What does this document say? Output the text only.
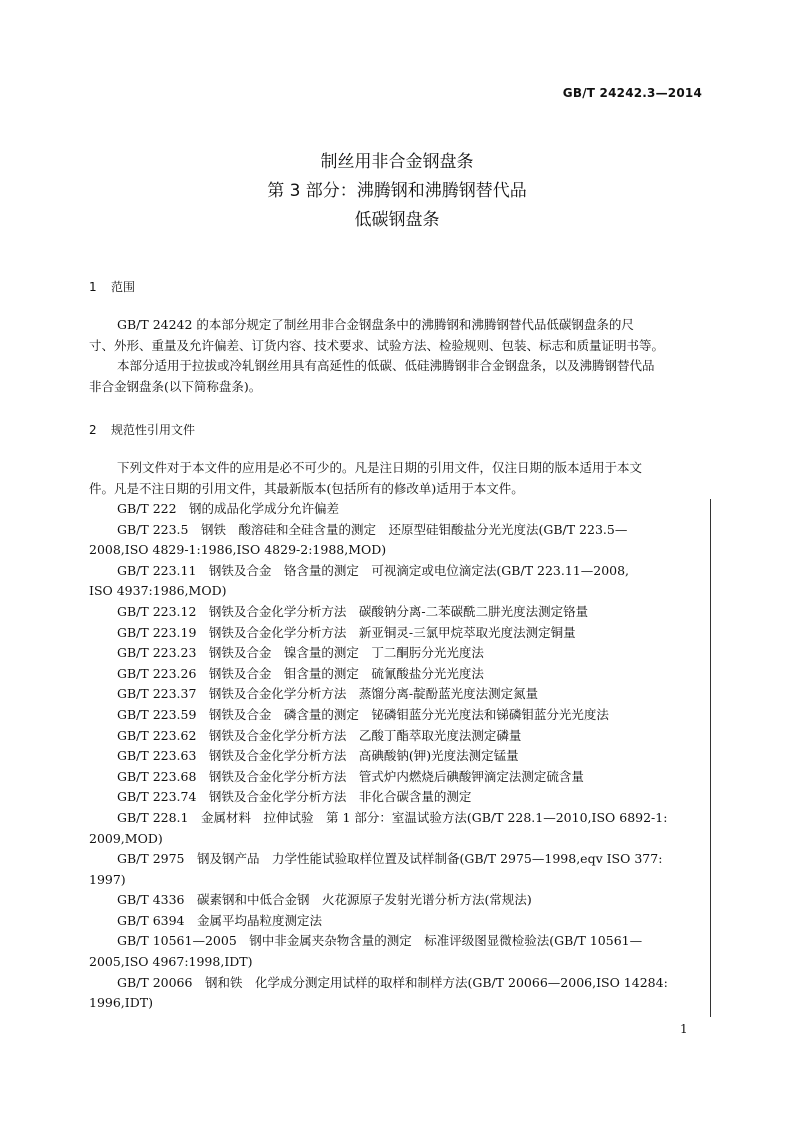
GB/T 24242.3—2014
制丝用非合金钢盘条
第 3 部分：沸腾钢和沸腾钢替代品
低碳钢盘条
1 范围
GB/T 24242 的本部分规定了制丝用非合金钢盘条中的沸腾钢和沸腾钢替代品低碳钢盘条的尺
寸、外形、重量及允许偏差、订货内容、技术要求、试验方法、检验规则、包装、标志和质量证明书等。
本部分适用于拉拔或冷轧钢丝用具有高延性的低碳、低硅沸腾钢非合金钢盘条，以及沸腾钢替代品
非合金钢盘条(以下简称盘条)。
2 规范性引用文件
下列文件对于本文件的应用是必不可少的。凡是注日期的引用文件，仅注日期的版本适用于本文
件。凡是不注日期的引用文件，其最新版本(包括所有的修改单)适用于本文件。
GB/T 222　钢的成品化学成分允许偏差
GB/T 223.5　钢铁　酸溶硅和全硅含量的测定　还原型硅钼酸盐分光光度法(GB/T 223.5—
2008,ISO 4829-1:1986,ISO 4829-2:1988,MOD)
GB/T 223.11　钢铁及合金　铬含量的测定　可视滴定或电位滴定法(GB/T 223.11—2008,
ISO 4937:1986,MOD)
GB/T 223.12　钢铁及合金化学分析方法　碳酸钠分离-二苯碳酰二肼光度法测定铬量
GB/T 223.19　钢铁及合金化学分析方法　新亚铜灵-三氯甲烷萃取光度法测定铜量
GB/T 223.23　钢铁及合金　镍含量的测定　丁二酮肟分光光度法
GB/T 223.26　钢铁及合金　钼含量的测定　硫氰酸盐分光光度法
GB/T 223.37　钢铁及合金化学分析方法　蒸馏分离-靛酚蓝光度法测定氮量
GB/T 223.59　钢铁及合金　磷含量的测定　铋磷钼蓝分光光度法和锑磷钼蓝分光光度法
GB/T 223.62　钢铁及合金化学分析方法　乙酸丁酯萃取光度法测定磷量
GB/T 223.63　钢铁及合金化学分析方法　高碘酸钠(钾)光度法测定锰量
GB/T 223.68　钢铁及合金化学分析方法　管式炉内燃烧后碘酸钾滴定法测定硫含量
GB/T 223.74　钢铁及合金化学分析方法　非化合碳含量的测定
GB/T 228.1　金属材料　拉伸试验　第 1 部分：室温试验方法(GB/T 228.1—2010,ISO 6892-1:
2009,MOD)
GB/T 2975　钢及钢产品　力学性能试验取样位置及试样制备(GB/T 2975—1998,eqv ISO 377:
1997)
GB/T 4336　碳素钢和中低合金钢　火花源原子发射光谱分析方法(常规法)
GB/T 6394　金属平均晶粒度测定法
GB/T 10561—2005　钢中非金属夹杂物含量的测定　标准评级图显微检验法(GB/T 10561—
2005,ISO 4967:1998,IDT)
GB/T 20066　钢和铁　化学成分测定用试样的取样和制样方法(GB/T 20066—2006,ISO 14284:
1996,IDT)
1
